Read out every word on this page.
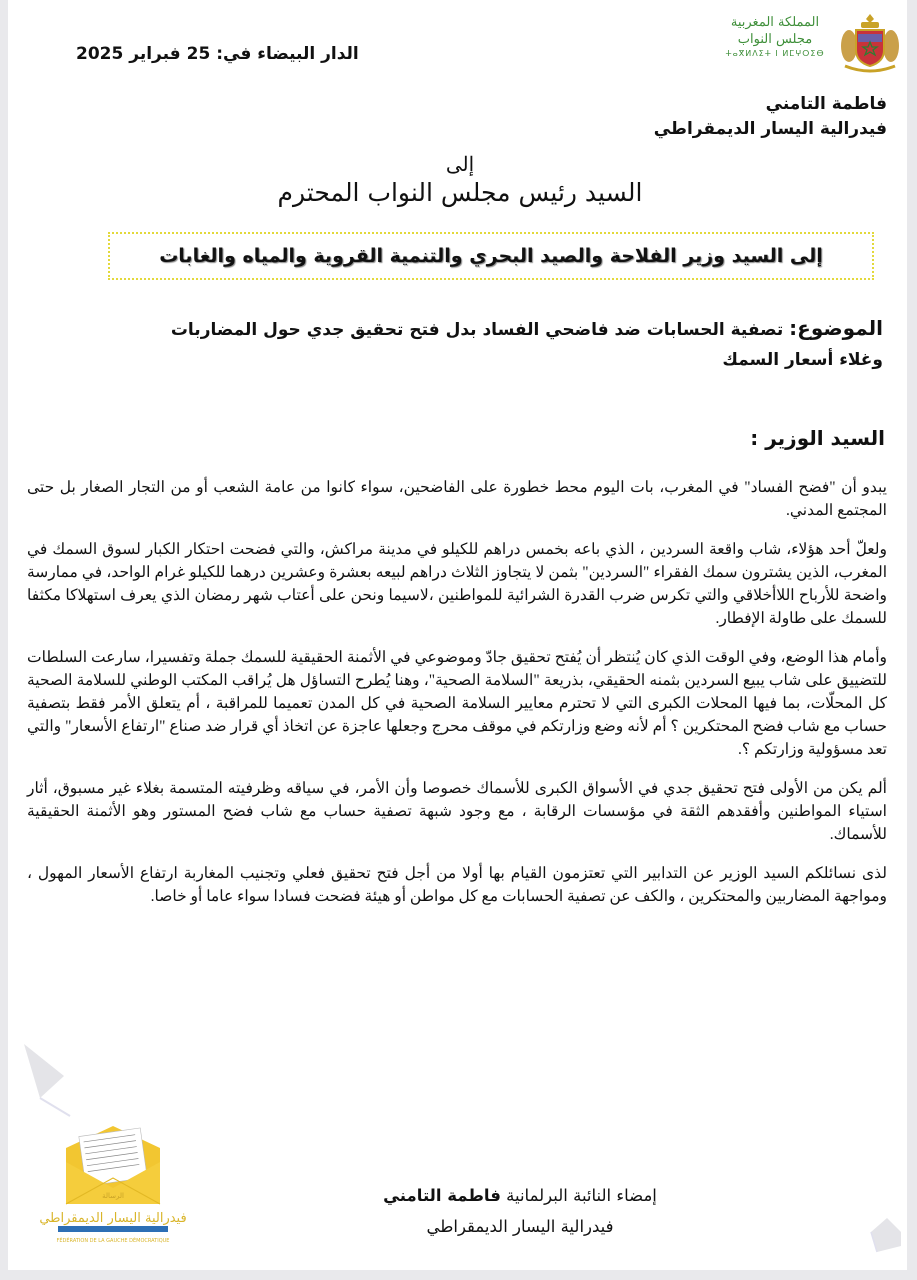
المملكة المغربية
مجلس النواب
ⵜⴰⴳⵍⴷⵉⵜ ⵏ ⵍⵎⵖⵔⵉⴱ
الدار البيضاء في: 25 فبراير 2025
فاطمة التامني
فيدرالية اليسار الديمقراطي
إلى
السيد رئيس مجلس النواب المحترم
إلى السيد وزير الفلاحة والصيد البحري والتنمية القروية والمياه والغابات
الموضوع: تصفية الحسابات ضد فاضحي الفساد بدل فتح تحقيق جدي حول المضاربات وغلاء أسعار السمك
السيد الوزير :

يبدو أن "فضح الفساد" في المغرب، بات اليوم محط خطورة على الفاضحين، سواء كانوا من عامة الشعب أو من التجار الصغار بل حتى المجتمع المدني.

ولعلّ أحد هؤلاء، شاب واقعة السردين ، الذي باعه بخمس دراهم للكيلو في مدينة مراكش، والتي فضحت احتكار الكبار لسوق السمك في المغرب، الذين يشترون سمك الفقراء "السردين" بثمن لا يتجاوز الثلاث دراهم لبيعه بعشرة وعشرين درهما للكيلو غرام الواحد، في ممارسة واضحة للأرباح اللاأخلاقي والتي تكرس ضرب القدرة الشرائية للمواطنين ،لاسيما ونحن على أعتاب شهر رمضان الذي يعرف استهلاكا مكثفا للسمك على طاولة الإفطار.

وأمام هذا الوضع، وفي الوقت الذي كان يُنتظر أن يُفتح تحقيق جادّ وموضوعي في الأثمنة الحقيقية للسمك جملة وتفسيرا، سارعت السلطات للتضييق على شاب يبيع السردين بثمنه الحقيقي، بذريعة "السلامة الصحية"، وهنا يُطرح التساؤل هل يُراقب المكتب الوطني للسلامة الصحية كل المحلّات، بما فيها المحلات الكبرى التي لا تحترم معايير السلامة الصحية في كل المدن تعميما للمراقبة ، أم يتعلق الأمر فقط بتصفية حساب مع شاب فضح المحتكرين ؟ أم لأنه وضع وزارتكم في موقف محرج وجعلها عاجزة عن اتخاذ أي قرار ضد صناع "ارتفاع الأسعار" والتي تعد مسؤولية وزارتكم ؟.

ألم يكن من الأولى فتح تحقيق جدي في الأسواق الكبرى للأسماك خصوصا وأن الأمر، في سياقه وظرفيته المتسمة بغلاء غير مسبوق، أثار استياء المواطنين وأفقدهم الثقة في مؤسسات الرقابة ، مع وجود شبهة تصفية حساب مع شاب فضح المستور وهو الأثمنة الحقيقية للأسماك.

لذى نسائلكم السيد الوزير عن التدابير التي تعتزمون القيام بها أولا من أجل فتح تحقيق فعلي وتجنيب المغاربة ارتفاع الأسعار المهول ، ومواجهة المضاربين والمحتكرين ، والكف عن تصفية الحسابات مع كل مواطن أو هيئة فضحت فسادا سواء عاما أو خاصا.

الرسالة
فيدرالية اليسار الديمقراطي
FÉDÉRATION DE LA GAUCHE DÉMOCRATIQUE
إمضاء النائبة البرلمانية فاطمة التامني
فيدرالية اليسار الديمقراطي
